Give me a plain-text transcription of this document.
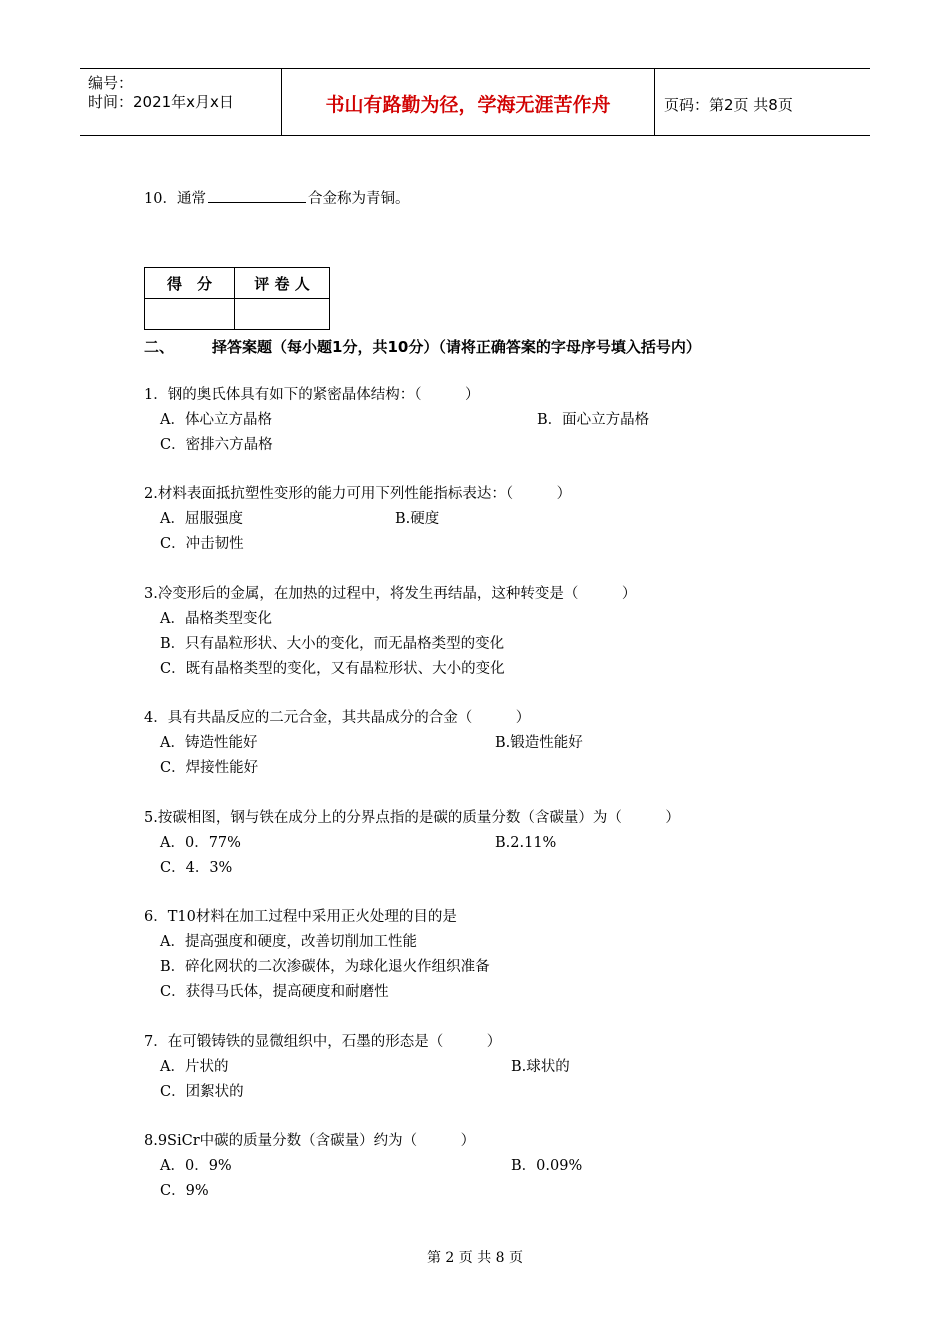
编号：
时间：2021年x月x日	书山有路勤为径，学海无涯苦作舟	页码：第2页 共8页
10．通常	合金称为青铜。
得　分	评 卷 人

二、	择答案题（每小题1分，共10分）（请将正确答案的字母序号填入括号内）
1．钢的奥氏体具有如下的紧密晶体结构：（　　　）
A．体心立方晶格	B．面心立方晶格
C．密排六方晶格
2.材料表面抵抗塑性变形的能力可用下列性能指标表达：（　　　）
A．屈服强度	B.硬度
C．冲击韧性
3.冷变形后的金属，在加热的过程中，将发生再结晶，这种转变是（　　　）
A．晶格类型变化
B．只有晶粒形状、大小的变化，而无晶格类型的变化
C．既有晶格类型的变化，又有晶粒形状、大小的变化
4．具有共晶反应的二元合金，其共晶成分的合金（　　　）
A．铸造性能好	B.锻造性能好
C．焊接性能好
5.按碳相图，钢与铁在成分上的分界点指的是碳的质量分数（含碳量）为（　　　）
A．0．77%	B.2.11%
C．4．3%
6．T10材料在加工过程中采用正火处理的目的是
A．提高强度和硬度，改善切削加工性能
B．碎化网状的二次渗碳体，为球化退火作组织准备
C．获得马氏体，提高硬度和耐磨性
7．在可锻铸铁的显微组织中，石墨的形态是（　　　）
A．片状的	B.球状的
C．团絮状的
8.9SiCr中碳的质量分数（含碳量）约为（　　　）
A．0．9%	B．0.09%
C．9%
第 2 页 共 8 页
